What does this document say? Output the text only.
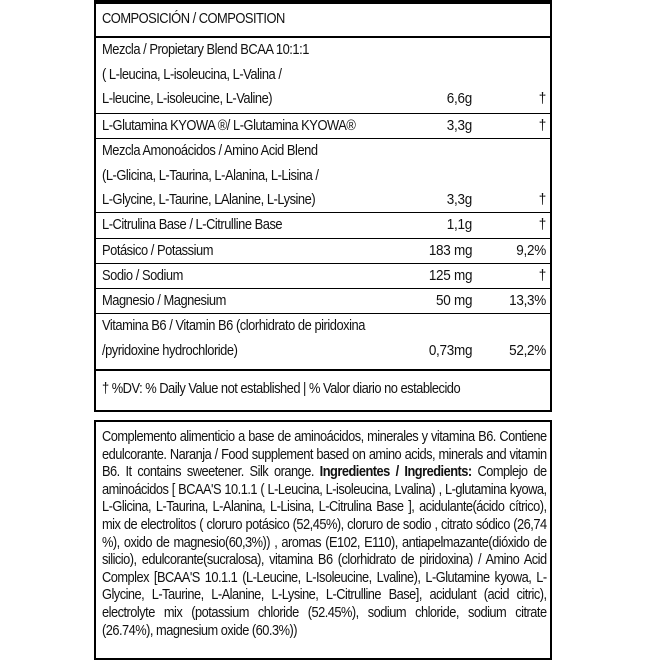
COMPOSICIÓN / COMPOSITION
Mezcla / Propietary Blend BCAA 10:1:1
( L-leucina, L-isoleucina, L-Valina /
L-leucine, L-isoleucine, L-Valine)	6,6g	†
L-Glutamina KYOWA ®/ L-Glutamina KYOWA®	3,3g	†
Mezcla Amonoácidos / Amino Acid Blend
(L-Glicina, L-Taurina, L-Alanina, L-Lisina /
L-Glycine, L-Taurine, LAlanine, L-Lysine)	3,3g	†
L-Citrulina Base / L-Citrulline Base	1,1g	†
Potásico / Potassium	183 mg	9,2%
Sodio / Sodium	125 mg	†
Magnesio / Magnesium	50 mg 13,3%
Vitamina B6 / Vitamin B6 (clorhidrato de piridoxina
/pyridoxine hydrochloride)	0,73mg 52,2%
† %DV: % Daily Value not established | % Valor diario no establecido
Complemento alimenticio a base de aminoácidos, minerales y vitamina B6. Contiene edulcorante. Naranja / Food supplement based on amino acids, minerals and vitamin B6. It contains sweetener. Silk orange. Ingredientes / Ingredients: Complejo de aminoácidos [ BCAA'S 10.1.1 ( L-Leucina, L-isoleucina, Lvalina) , L-glutamina kyowa, L-Glicina, L-Taurina, L-Alanina, L-Lisina, L-Citrulina Base ], acidulante(ácido cítrico), mix de electrolitos ( cloruro potásico (52,45%), cloruro de sodio , citrato sódico (26,74 %), oxido de magnesio(60,3%)) , aromas (E102, E110), antiapelmazante(dióxido de silicio), edulcorante(sucralosa), vitamina B6 (clorhidrato de piridoxina) / Amino Acid Complex [BCAA'S 10.1.1 (L-Leucine, L-Isoleucine, Lvaline), L-Glutamine kyowa, L-Glycine, L-Taurine, L-Alanine, L-Lysine, L-Citrulline Base], acidulant (acid citric), electrolyte mix (potassium chloride (52.45%), sodium chloride, sodium citrate (26.74%), magnesium oxide (60.3%))
